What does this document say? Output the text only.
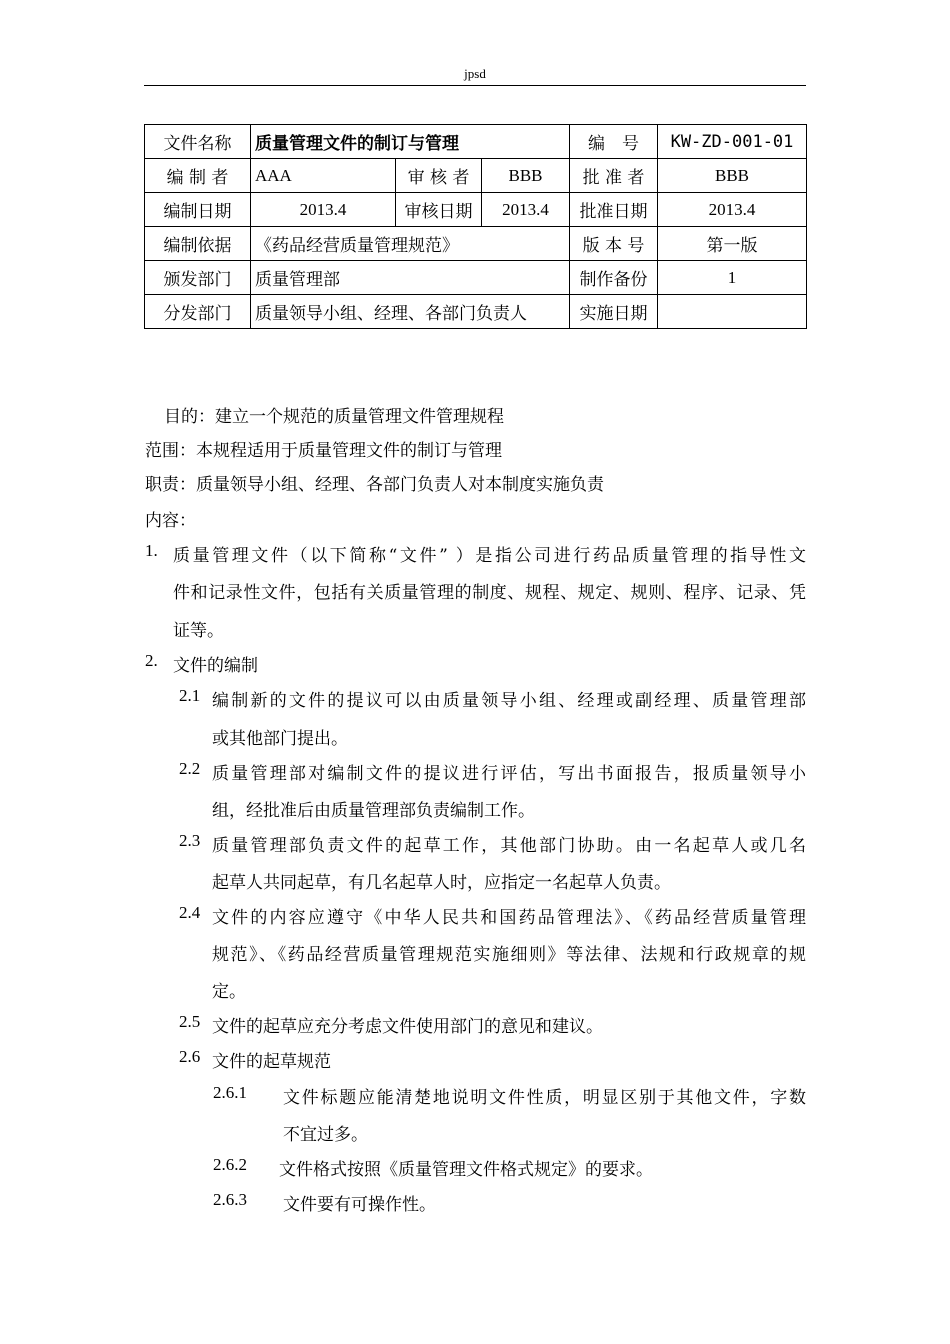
jpsd
文件名称	质量管理文件的制订与管理			编　号	KW-ZD-001-01
编 制 者	AAA	审 核 者	BBB	批 准 者	BBB
编制日期	2013.4	审核日期	2013.4	批准日期	2013.4
编制依据	《药品经营质量管理规范》			版 本 号	第一版
颁发部门	质量管理部			制作备份	1
分发部门	质量领导小组、经理、各部门负责人			实施日期	
目的：建立一个规范的质量管理文件管理规程
范围：本规程适用于质量管理文件的制订与管理
职责：质量领导小组、经理、各部门负责人对本制度实施负责
内容：
1. 质量管理文件（以下简称“文件” ）是指公司进行药品质量管理的指导性文
件和记录性文件，包括有关质量管理的制度、规程、规定、规则、程序、记录、凭
证等。
2. 文件的编制
2.1 编制新的文件的提议可以由质量领导小组、经理或副经理、质量管理部
或其他部门提出。
2.2 质量管理部对编制文件的提议进行评估，写出书面报告，报质量领导小
组，经批准后由质量管理部负责编制工作。
2.3 质量管理部负责文件的起草工作，其他部门协助。由一名起草人或几名
起草人共同起草，有几名起草人时，应指定一名起草人负责。
2.4 文件的内容应遵守《中华人民共和国药品管理法》、《药品经营质量管理
规范》、《药品经营质量管理规范实施细则》等法律、法规和行政规章的规
定。
2.5 文件的起草应充分考虑文件使用部门的意见和建议。
2.6 文件的起草规范
2.6.1 文件标题应能清楚地说明文件性质，明显区别于其他文件，字数
不宜过多。
2.6.2 文件格式按照《质量管理文件格式规定》的要求。
2.6.3 文件要有可操作性。
